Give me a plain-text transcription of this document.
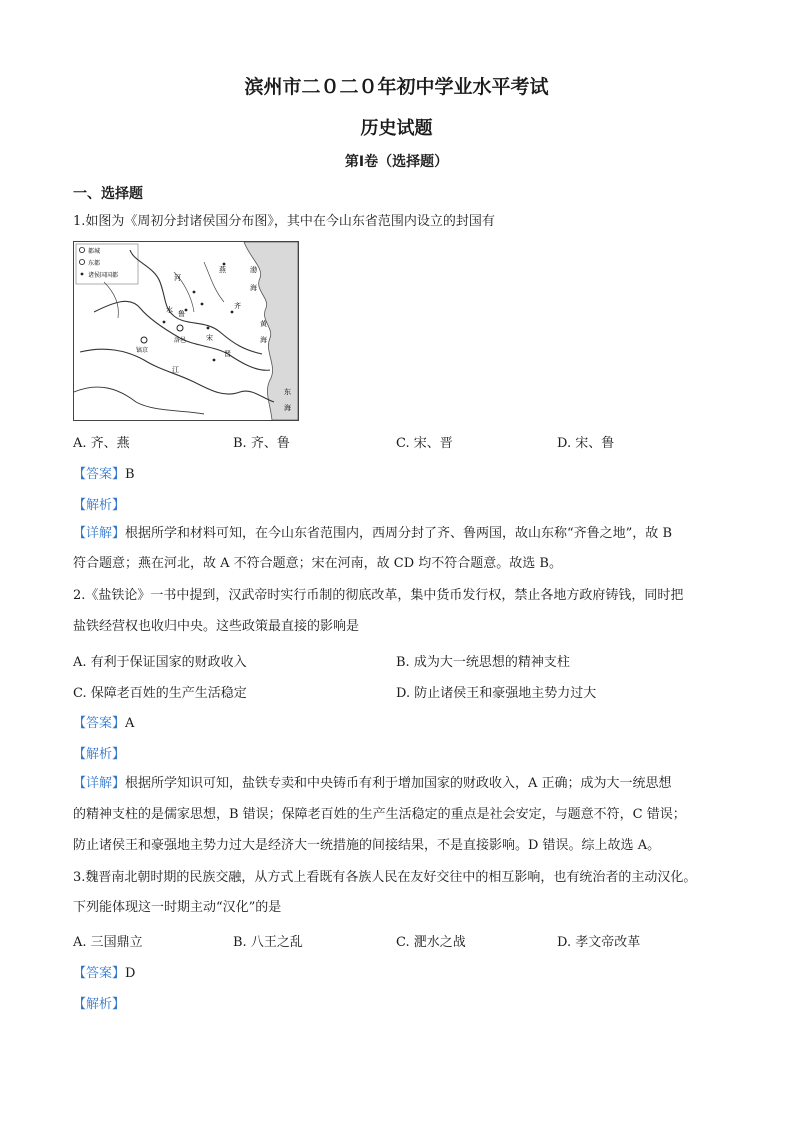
滨州市二０二０年初中学业水平考试
历史试题
第Ⅰ卷（选择题）
一、选择题
1.如图为《周初分封诸侯国分布图》，其中在今山东省范围内设立的封国有
都城
东都
诸侯国国都
燕	渤
海
河
齐
水 鲁
黄
海
宋
洛邑
镐京	晋
江
东
海
A. 齐、燕	B. 齐、鲁	C. 宋、晋	D. 宋、鲁
【答案】B
【解析】
【详解】根据所学和材料可知，在今山东省范围内，西周分封了齐、鲁两国，故山东称“齐鲁之地”，故 B
符合题意；燕在河北，故 A 不符合题意；宋在河南，故 CD 均不符合题意。故选 B。
2.《盐铁论》一书中提到，汉武帝时实行币制的彻底改革，集中货币发行权，禁止各地方政府铸钱，同时把
盐铁经营权也收归中央。这些政策最直接的影响是
A. 有利于保证国家的财政收入	B. 成为大一统思想的精神支柱
C. 保障老百姓的生产生活稳定	D. 防止诸侯王和豪强地主势力过大
【答案】A
【解析】
【详解】根据所学知识可知，盐铁专卖和中央铸币有利于增加国家的财政收入，A 正确；成为大一统思想
的精神支柱的是儒家思想，B 错误；保障老百姓的生产生活稳定的重点是社会安定，与题意不符，C 错误；
防止诸侯王和豪强地主势力过大是经济大一统措施的间接结果，不是直接影响。D 错误。综上故选 A。
3.魏晋南北朝时期的民族交融，从方式上看既有各族人民在友好交往中的相互影响，也有统治者的主动汉化。
下列能体现这一时期主动“汉化”的是
A. 三国鼎立	B. 八王之乱	C. 淝水之战	D. 孝文帝改革
【答案】D
【解析】
